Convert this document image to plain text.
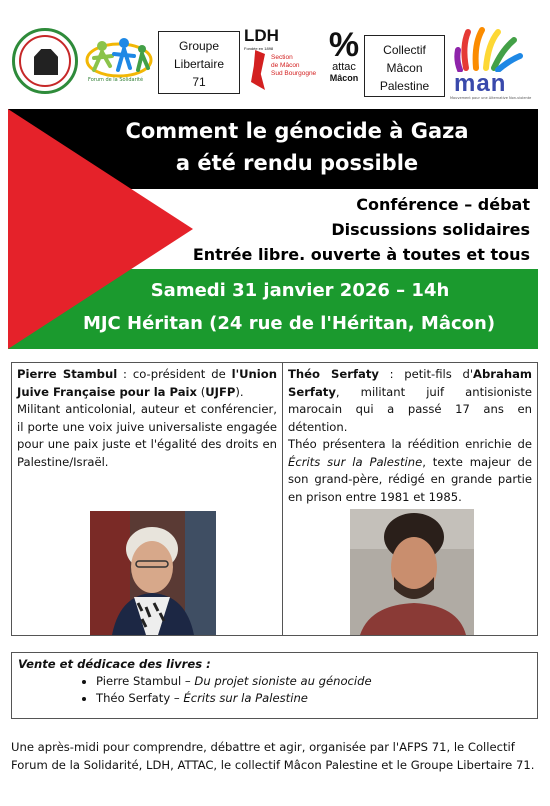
Forum de la Solidarité
Groupe
Libertaire
71
LDH
Fondée en 1898
Section
de Mâcon
Sud Bourgogne
%
attac
Mâcon
Collectif
Mâcon
Palestine	man
Mouvement pour une Alternative Non-violente
Comment le génocide à Gaza
a été rendu possible
Conférence – débat
Discussions solidaires
Entrée libre. ouverte à toutes et tous
Samedi 31 janvier 2026 – 14h
MJC Héritan (24 rue de l'Héritan, Mâcon)
Pierre Stambul : co-président de l'Union Juive Française pour la Paix (UJFP).
Militant anticolonial, auteur et conférencier, il porte une voix juive universaliste engagée pour une paix juste et l'égalité des droits en Palestine/Israël.
Théo Serfaty : petit-fils d'Abraham Serfaty, militant juif antisioniste marocain qui a passé 17 ans en détention.
Théo présentera la réédition enrichie de Écrits sur la Palestine, texte majeur de son grand-père, rédigé en grande partie en prison entre 1981 et 1985.
Vente et dédicace des livres :
• Pierre Stambul – Du projet sioniste au génocide
• Théo Serfaty – Écrits sur la Palestine
Une après-midi pour comprendre, débattre et agir, organisée par l'AFPS 71, le Collectif Forum de la Solidarité, LDH, ATTAC, le collectif Mâcon Palestine et le Groupe Libertaire 71.
